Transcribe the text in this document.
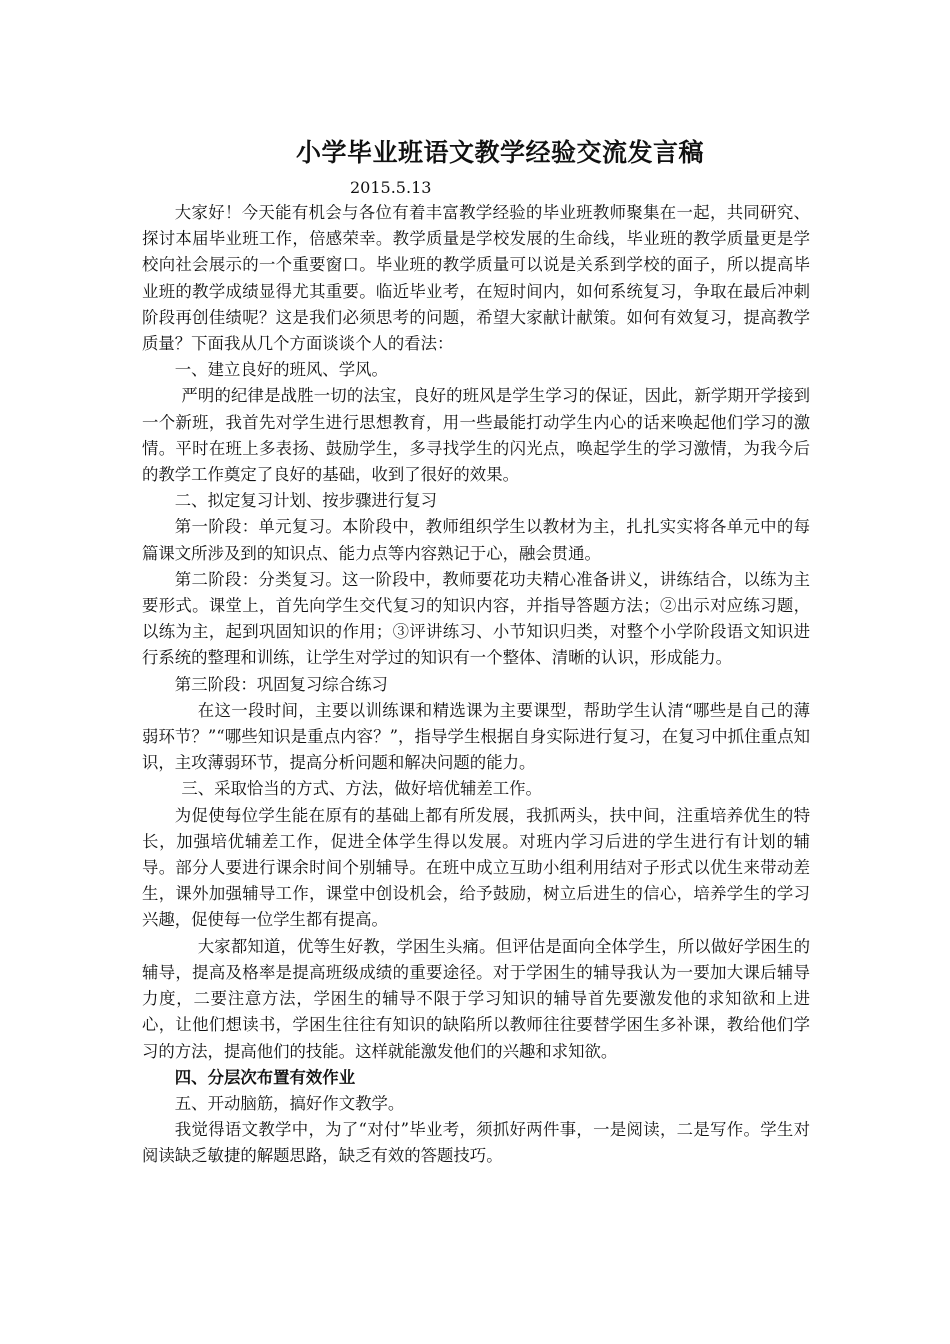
小学毕业班语文教学经验交流发言稿
2015.5.13

大家好！今天能有机会与各位有着丰富教学经验的毕业班教师聚集在一起，共同研究、探讨本届毕业班工作，倍感荣幸。教学质量是学校发展的生命线，毕业班的教学质量更是学校向社会展示的一个重要窗口。毕业班的教学质量可以说是关系到学校的面子，所以提高毕业班的教学成绩显得尤其重要。临近毕业考，在短时间内，如何系统复习，争取在最后冲刺阶段再创佳绩呢？这是我们必须思考的问题，希望大家献计献策。如何有效复习，提高教学质量？下面我从几个方面谈谈个人的看法：

一、建立良好的班风、学风。

严明的纪律是战胜一切的法宝，良好的班风是学生学习的保证，因此，新学期开学接到一个新班，我首先对学生进行思想教育，用一些最能打动学生内心的话来唤起他们学习的激情。平时在班上多表扬、鼓励学生，多寻找学生的闪光点，唤起学生的学习激情，为我今后的教学工作奠定了良好的基础，收到了很好的效果。

二、拟定复习计划、按步骤进行复习

第一阶段：单元复习。本阶段中，教师组织学生以教材为主，扎扎实实将各单元中的每篇课文所涉及到的知识点、能力点等内容熟记于心，融会贯通。

第二阶段：分类复习。这一阶段中，教师要花功夫精心准备讲义，讲练结合，以练为主要形式。课堂上，首先向学生交代复习的知识内容，并指导答题方法；②出示对应练习题，以练为主，起到巩固知识的作用；③评讲练习、小节知识归类，对整个小学阶段语文知识进行系统的整理和训练，让学生对学过的知识有一个整体、清晰的认识，形成能力。

第三阶段：巩固复习综合练习

在这一段时间，主要以训练课和精选课为主要课型，帮助学生认清“哪些是自己的薄弱环节？”“哪些知识是重点内容？”，指导学生根据自身实际进行复习，在复习中抓住重点知识，主攻薄弱环节，提高分析问题和解决问题的能力。

三、采取恰当的方式、方法，做好培优辅差工作。

为促使每位学生能在原有的基础上都有所发展，我抓两头，扶中间，注重培养优生的特长，加强培优辅差工作，促进全体学生得以发展。对班内学习后进的学生进行有计划的辅导。部分人要进行课余时间个别辅导。在班中成立互助小组利用结对子形式以优生来带动差生，课外加强辅导工作，课堂中创设机会，给予鼓励，树立后进生的信心，培养学生的学习兴趣，促使每一位学生都有提高。

大家都知道，优等生好教，学困生头痛。但评估是面向全体学生，所以做好学困生的辅导，提高及格率是提高班级成绩的重要途径。对于学困生的辅导我认为一要加大课后辅导力度，二要注意方法，学困生的辅导不限于学习知识的辅导首先要激发他的求知欲和上进心，让他们想读书，学困生往往有知识的缺陷所以教师往往要替学困生多补课，教给他们学习的方法，提高他们的技能。这样就能激发他们的兴趣和求知欲。

四、分层次布置有效作业

五、开动脑筋，搞好作文教学。

我觉得语文教学中，为了“对付”毕业考，须抓好两件事，一是阅读，二是写作。学生对阅读缺乏敏捷的解题思路，缺乏有效的答题技巧。
